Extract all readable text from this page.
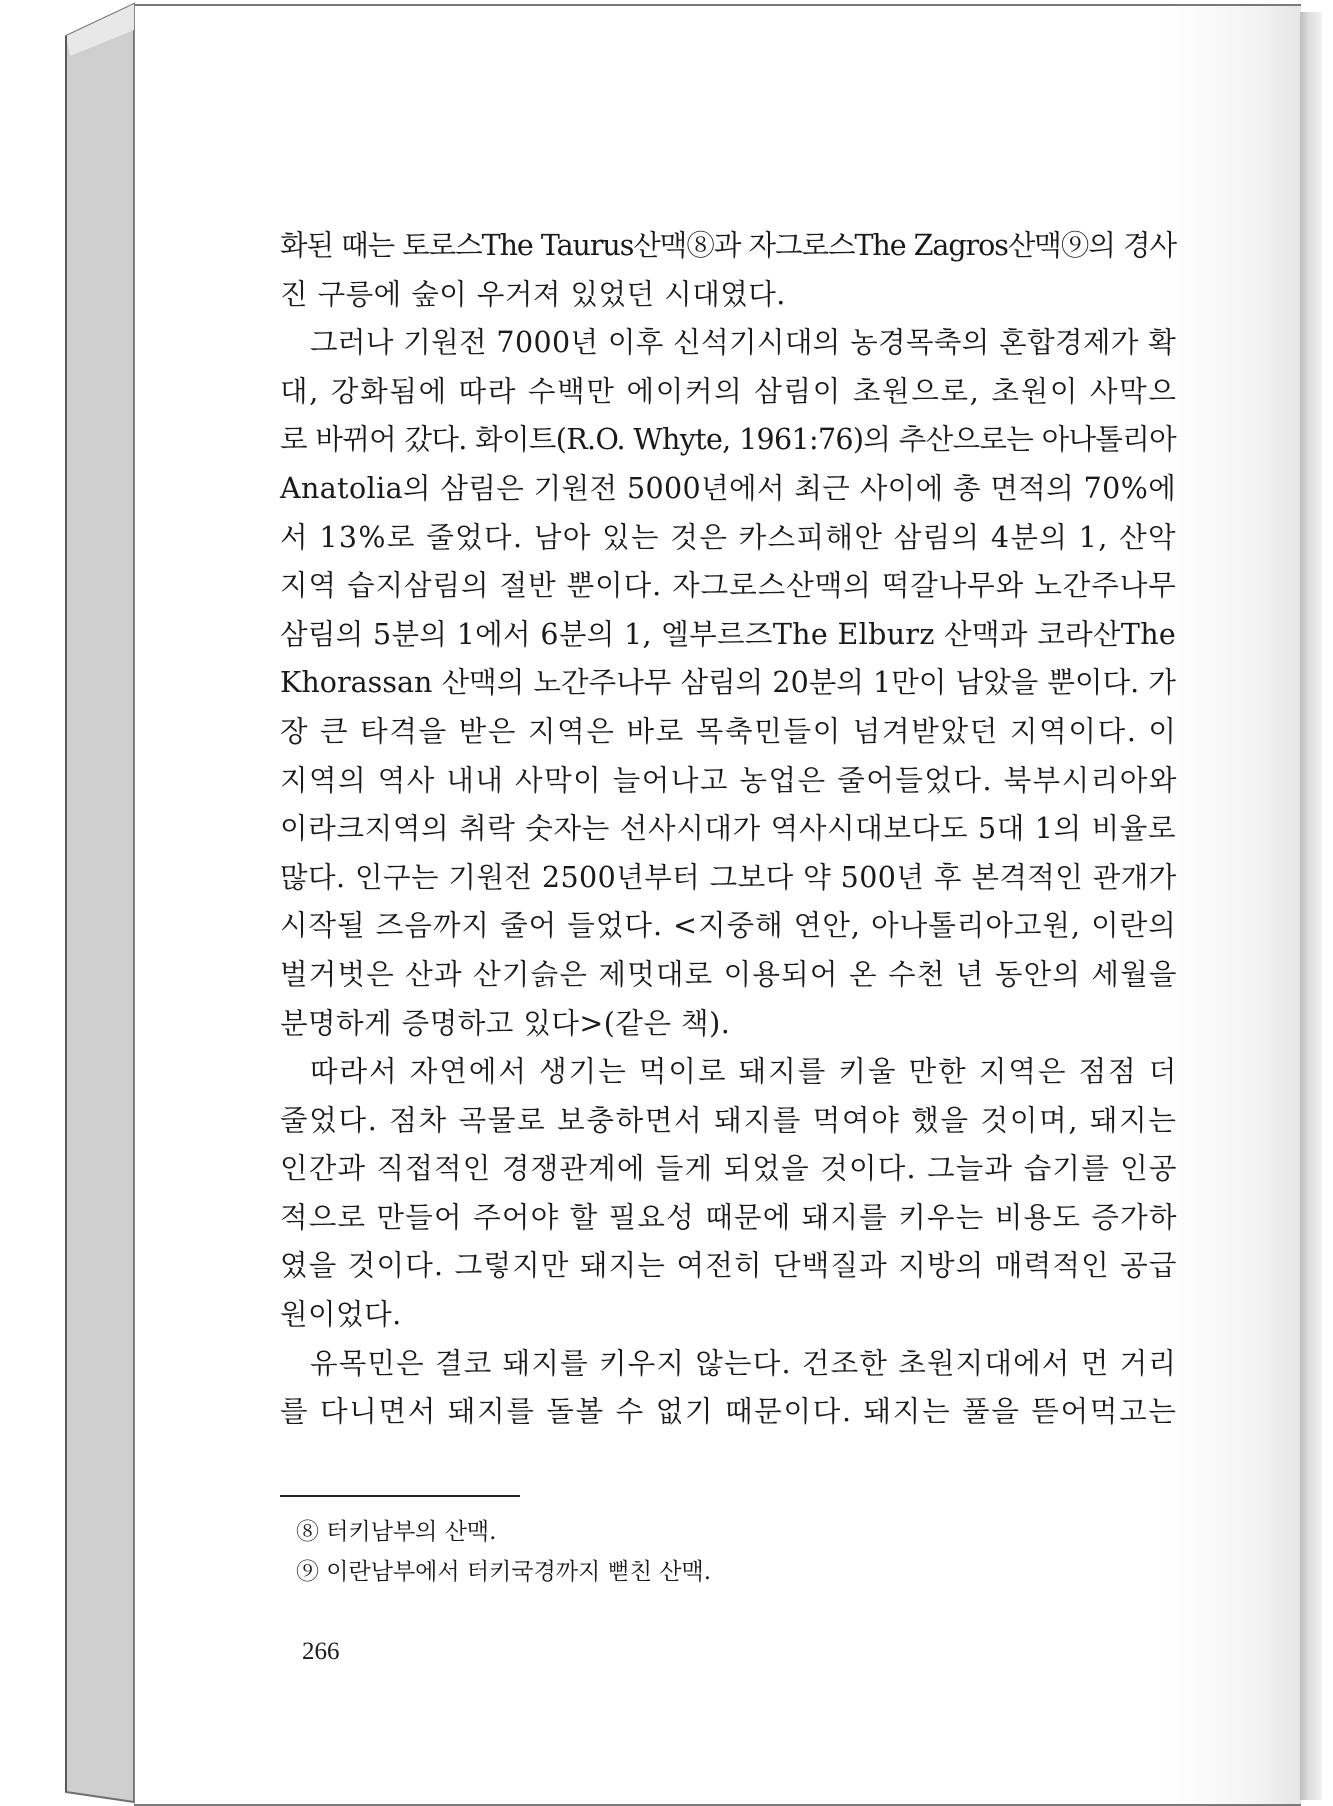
화된 때는 토로스The Taurus산맥⑧과 자그로스The Zagros산맥⑨의 경사
진 구릉에 숲이 우거져 있었던 시대였다.
그러나 기원전 7000년 이후 신석기시대의 농경목축의 혼합경제가 확
대, 강화됨에 따라 수백만 에이커의 삼림이 초원으로, 초원이 사막으
로 바뀌어 갔다. 화이트(R.O. Whyte, 1961:76)의 추산으로는 아나톨리아
Anatolia의 삼림은 기원전 5000년에서 최근 사이에 총 면적의 70%에
서 13%로 줄었다. 남아 있는 것은 카스피해안 삼림의 4분의 1, 산악
지역 습지삼림의 절반 뿐이다. 자그로스산맥의 떡갈나무와 노간주나무
삼림의 5분의 1에서 6분의 1, 엘부르즈The Elburz 산맥과 코라산The
Khorassan 산맥의 노간주나무 삼림의 20분의 1만이 남았을 뿐이다. 가
장 큰 타격을 받은 지역은 바로 목축민들이 넘겨받았던 지역이다. 이
지역의 역사 내내 사막이 늘어나고 농업은 줄어들었다. 북부시리아와
이라크지역의 취락 숫자는 선사시대가 역사시대보다도 5대 1의 비율로
많다. 인구는 기원전 2500년부터 그보다 약 500년 후 본격적인 관개가
시작될 즈음까지 줄어 들었다. <지중해 연안, 아나톨리아고원, 이란의
벌거벗은 산과 산기슭은 제멋대로 이용되어 온 수천 년 동안의 세월을
분명하게 증명하고 있다>(같은 책).
따라서 자연에서 생기는 먹이로 돼지를 키울 만한 지역은 점점 더
줄었다. 점차 곡물로 보충하면서 돼지를 먹여야 했을 것이며, 돼지는
인간과 직접적인 경쟁관계에 들게 되었을 것이다. 그늘과 습기를 인공
적으로 만들어 주어야 할 필요성 때문에 돼지를 키우는 비용도 증가하
였을 것이다. 그렇지만 돼지는 여전히 단백질과 지방의 매력적인 공급
원이었다.
유목민은 결코 돼지를 키우지 않는다. 건조한 초원지대에서 먼 거리
를 다니면서 돼지를 돌볼 수 없기 때문이다. 돼지는 풀을 뜯어먹고는

⑧ 터키남부의 산맥.

⑨ 이란남부에서 터키국경까지 뻗친 산맥.

266
